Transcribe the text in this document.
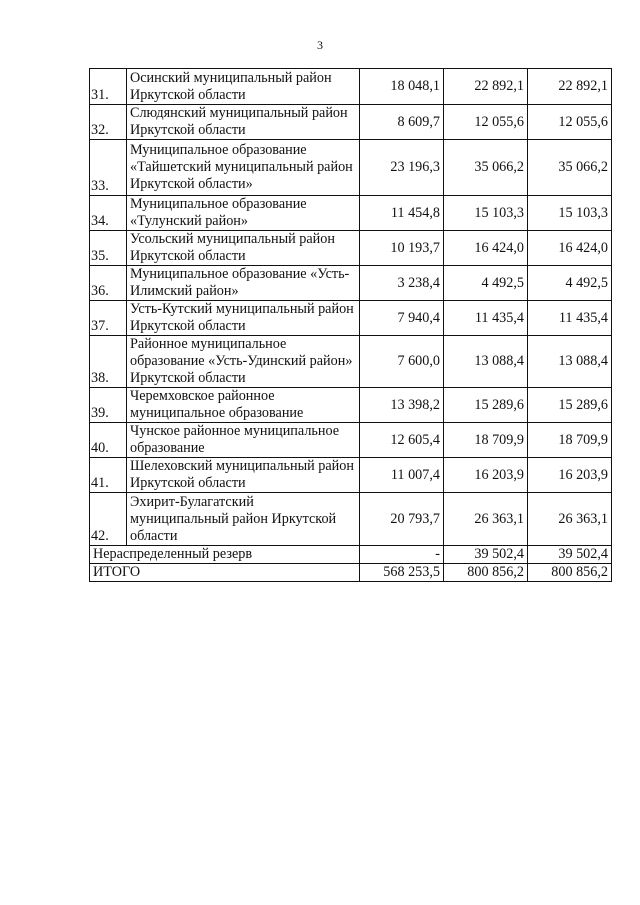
3
31.	Осинский муниципальный район Иркутской области	18 048,1	22 892,1	22 892,1
32.	Слюдянский муниципальный район Иркутской области	8 609,7	12 055,6	12 055,6
33.	Муниципальное образование «Тайшетский муниципальный район Иркутской области»	23 196,3	35 066,2	35 066,2
34.	Муниципальное образование «Тулунский район»	11 454,8	15 103,3	15 103,3
35.	Усольский муниципальный район Иркутской области	10 193,7	16 424,0	16 424,0
36.	Муниципальное образование «Усть-Илимский район»	3 238,4	4 492,5	4 492,5
37.	Усть-Кутский муниципальный район Иркутской области	7 940,4	11 435,4	11 435,4
38.	Районное муниципальное образование «Усть-Удинский район» Иркутской области	7 600,0	13 088,4	13 088,4
39.	Черемховское районное муниципальное образование	13 398,2	15 289,6	15 289,6
40.	Чунское районное муниципальное образование	12 605,4	18 709,9	18 709,9
41.	Шелеховский муниципальный район Иркутской области	11 007,4	16 203,9	16 203,9
42.	Эхирит-Булагатский муниципальный район Иркутской области	20 793,7	26 363,1	26 363,1
Нераспределенный резерв		-	39 502,4	39 502,4
ИТОГО		568 253,5	800 856,2	800 856,2
